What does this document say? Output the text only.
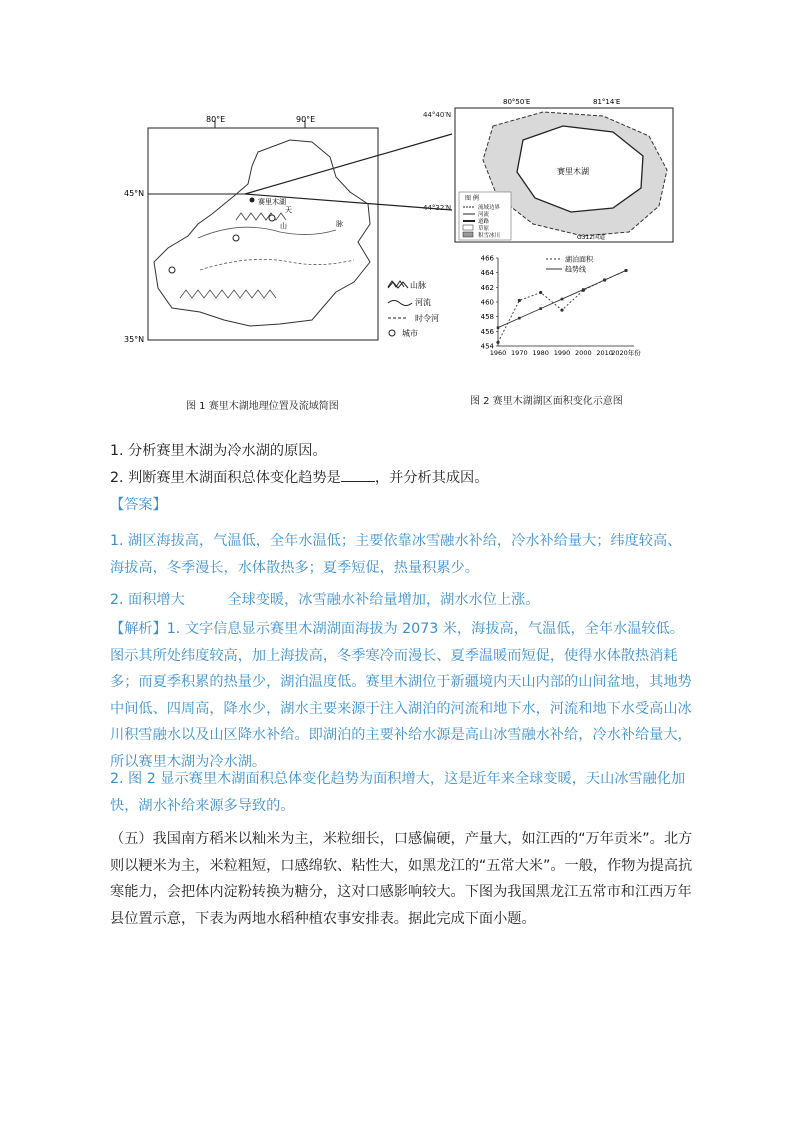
80°E	90°E
45°N
35°N
赛里木湖
天
山	脉
山脉
河流
时令河
城市
44°40′N
44°32′N
80°50′E	81°14′E
赛里木湖
图 例
流域边界
河流
道路
草原
积雪冰川	G312国道
454
456
458
460
462
464
466
1960 1970 1980 1990 2000 2010
2020年份
湖泊面积
趋势线
图 1 赛里木湖地理位置及流域简图	图 2 赛里木湖湖区面积变化示意图
1. 分析赛里木湖为冷水湖的原因。
2. 判断赛里木湖面积总体变化趋势是 ，并分析其成因。
【答案】
1. 湖区海拔高，气温低，全年水温低；主要依靠冰雪融水补给，冷水补给量大；纬度较高、海拔高，冬季漫长，水体散热多；夏季短促，热量积累少。
2. 面积增大　　　全球变暖，冰雪融水补给量增加，湖水水位上涨。
【解析】1. 文字信息显示赛里木湖湖面海拔为 2073 米，海拔高，气温低，全年水温较低。图示其所处纬度较高，加上海拔高，冬季寒冷而漫长、夏季温暖而短促，使得水体散热消耗多；而夏季积累的热量少，湖泊温度低。赛里木湖位于新疆境内天山内部的山间盆地，其地势中间低、四周高，降水少，湖水主要来源于注入湖泊的河流和地下水，河流和地下水受高山冰川积雪融水以及山区降水补给。即湖泊的主要补给水源是高山冰雪融水补给，冷水补给量大，所以赛里木湖为冷水湖。
2. 图 2 显示赛里木湖面积总体变化趋势为面积增大，这是近年来全球变暖，天山冰雪融化加快，湖水补给来源多导致的。
（五）我国南方稻米以籼米为主，米粒细长，口感偏硬，产量大，如江西的“万年贡米”。北方则以粳米为主，米粒粗短，口感绵软、粘性大，如黑龙江的“五常大米”。一般，作物为提高抗寒能力，会把体内淀粉转换为糖分，这对口感影响较大。下图为我国黑龙江五常市和江西万年县位置示意，下表为两地水稻种植农事安排表。据此完成下面小题。
